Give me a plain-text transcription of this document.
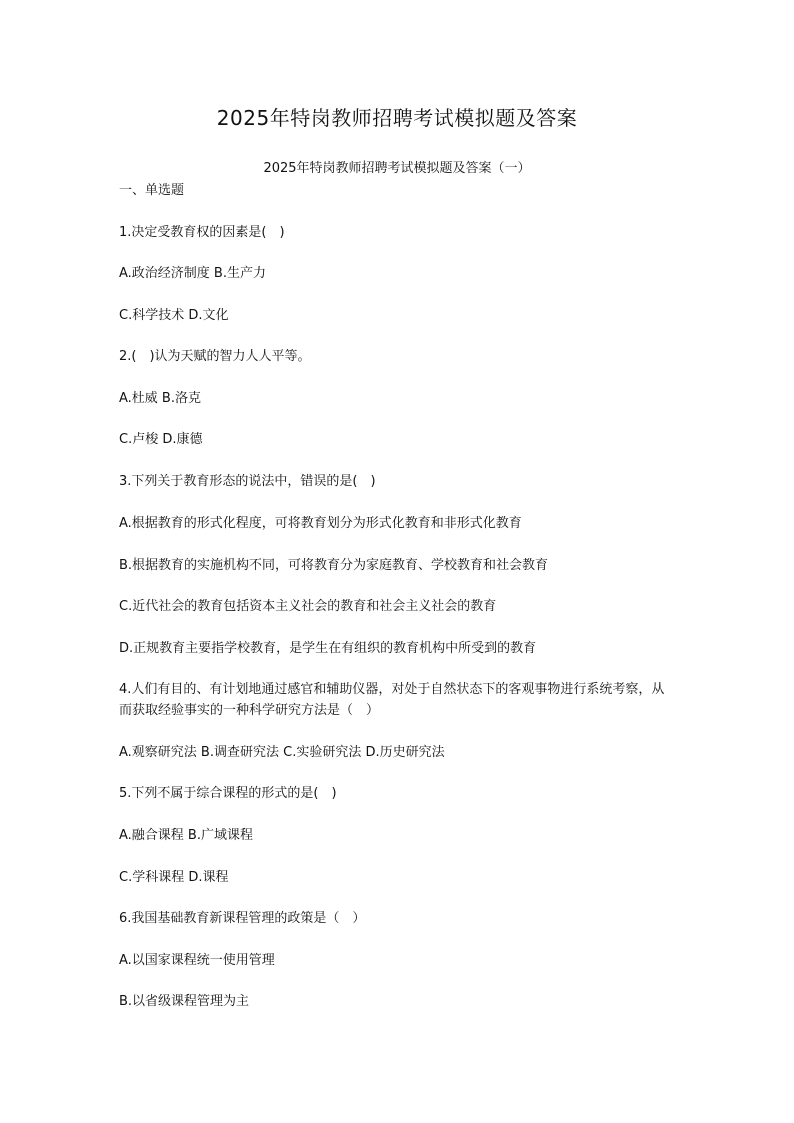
2025年特岗教师招聘考试模拟题及答案
2025年特岗教师招聘考试模拟题及答案（一）
一、单选题
1.决定受教育权的因素是(　)
A.政治经济制度 B.生产力
C.科学技术 D.文化
2.(　)认为天赋的智力人人平等。
A.杜威 B.洛克
C.卢梭 D.康德
3.下列关于教育形态的说法中，错误的是(　)
A.根据教育的形式化程度，可将教育划分为形式化教育和非形式化教育
B.根据教育的实施机构不同，可将教育分为家庭教育、学校教育和社会教育
C.近代社会的教育包括资本主义社会的教育和社会主义社会的教育
D.正规教育主要指学校教育，是学生在有组织的教育机构中所受到的教育
4.人们有目的、有计划地通过感官和辅助仪器，对处于自然状态下的客观事物进行系统考察，从而获取经验事实的一种科学研究方法是（　）
A.观察研究法 B.调查研究法 C.实验研究法 D.历史研究法
5.下列不属于综合课程的形式的是(　)
A.融合课程 B.广域课程
C.学科课程 D.课程
6.我国基础教育新课程管理的政策是（　）
A.以国家课程统一使用管理
B.以省级课程管理为主
